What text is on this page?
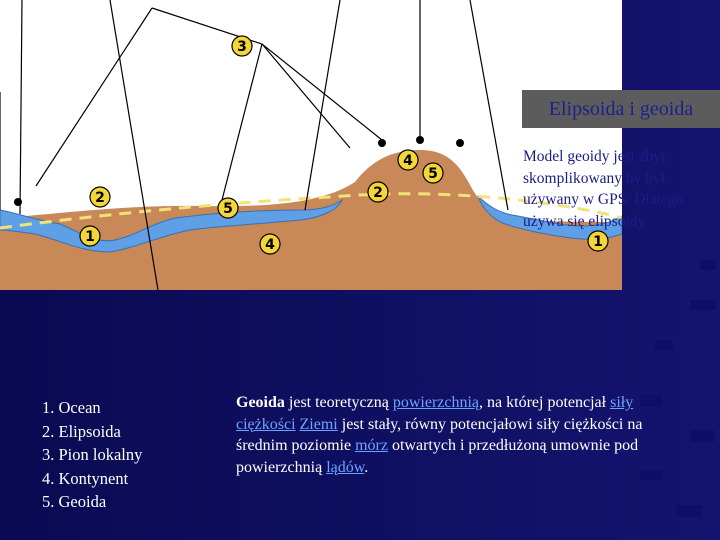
3
2
5
1	4
2
4
5
1
Elipsoida i geoida
Model geoidy jest zbyt skomplikowany by był używany w GPS. Dlatego używa się elipsoidy
1. Ocean
2. Elipsoida
3. Pion lokalny
4. Kontynent
5. Geoida
Geoida jest teoretyczną powierzchnią, na której potencjał siły ciężkości Ziemi jest stały, równy potencjałowi siły ciężkości na średnim poziomie mórz otwartych i przedłużoną umownie pod powierzchnią lądów.
